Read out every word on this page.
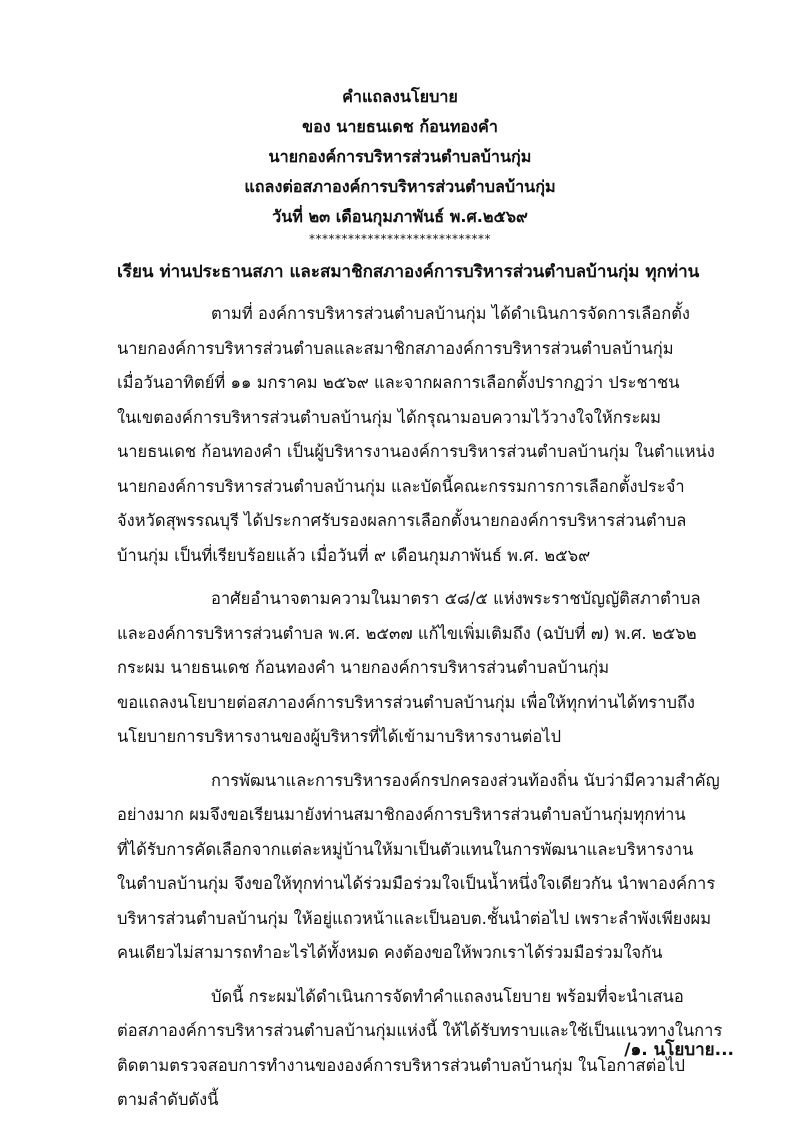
คำแถลงนโยบาย
ของ นายธนเดช ก้อนทองคำ
นายกองค์การบริหารส่วนตำบลบ้านกุ่ม
แถลงต่อสภาองค์การบริหารส่วนตำบลบ้านกุ่ม
วันที่ ๒๓ เดือนกุมภาพันธ์ พ.ศ.๒๕๖๙
****************************
เรียน ท่านประธานสภา และสมาชิกสภาองค์การบริหารส่วนตำบลบ้านกุ่ม ทุกท่าน

ตามที่ องค์การบริหารส่วนตำบลบ้านกุ่ม ได้ดำเนินการจัดการเลือกตั้ง
นายกองค์การบริหารส่วนตำบลและสมาชิกสภาองค์การบริหารส่วนตำบลบ้านกุ่ม
เมื่อวันอาทิตย์ที่ ๑๑ มกราคม ๒๕๖๙ และจากผลการเลือกตั้งปรากฏว่า ประชาชน
ในเขตองค์การบริหารส่วนตำบลบ้านกุ่ม ได้กรุณามอบความไว้วางใจให้กระผม
นายธนเดช ก้อนทองคำ เป็นผู้บริหารงานองค์การบริหารส่วนตำบลบ้านกุ่ม ในตำแหน่ง
นายกองค์การบริหารส่วนตำบลบ้านกุ่ม และบัดนี้คณะกรรมการการเลือกตั้งประจำ
จังหวัดสุพรรณบุรี ได้ประกาศรับรองผลการเลือกตั้งนายกองค์การบริหารส่วนตำบล
บ้านกุ่ม เป็นที่เรียบร้อยแล้ว เมื่อวันที่ ๙ เดือนกุมภาพันธ์ พ.ศ. ๒๕๖๙

อาศัยอำนาจตามความในมาตรา ๕๘/๕ แห่งพระราชบัญญัติสภาตำบล
และองค์การบริหารส่วนตำบล พ.ศ. ๒๕๓๗ แก้ไขเพิ่มเติมถึง (ฉบับที่ ๗) พ.ศ. ๒๕๖๒
กระผม นายธนเดช ก้อนทองคำ นายกองค์การบริหารส่วนตำบลบ้านกุ่ม
ขอแถลงนโยบายต่อสภาองค์การบริหารส่วนตำบลบ้านกุ่ม เพื่อให้ทุกท่านได้ทราบถึง
นโยบายการบริหารงานของผู้บริหารที่ได้เข้ามาบริหารงานต่อไป

การพัฒนาและการบริหารองค์กรปกครองส่วนท้องถิ่น นับว่ามีความสำคัญ
อย่างมาก ผมจึงขอเรียนมายังท่านสมาชิกองค์การบริหารส่วนตำบลบ้านกุ่มทุกท่าน
ที่ได้รับการคัดเลือกจากแต่ละหมู่บ้านให้มาเป็นตัวแทนในการพัฒนาและบริหารงาน
ในตำบลบ้านกุ่ม จึงขอให้ทุกท่านได้ร่วมมือร่วมใจเป็นน้ำหนึ่งใจเดียวกัน นำพาองค์การ
บริหารส่วนตำบลบ้านกุ่ม ให้อยู่แถวหน้าและเป็นอบต.ชั้นนำต่อไป เพราะลำพังเพียงผม
คนเดียวไม่สามารถทำอะไรได้ทั้งหมด คงต้องขอให้พวกเราได้ร่วมมือร่วมใจกัน

บัดนี้ กระผมได้ดำเนินการจัดทำคำแถลงนโยบาย พร้อมที่จะนำเสนอ
ต่อสภาองค์การบริหารส่วนตำบลบ้านกุ่มแห่งนี้ ให้ได้รับทราบและใช้เป็นแนวทางในการ
ติดตามตรวจสอบการทำงานขององค์การบริหารส่วนตำบลบ้านกุ่ม ในโอกาสต่อไป
ตามลำดับดังนี้

/๑. นโยบาย...
